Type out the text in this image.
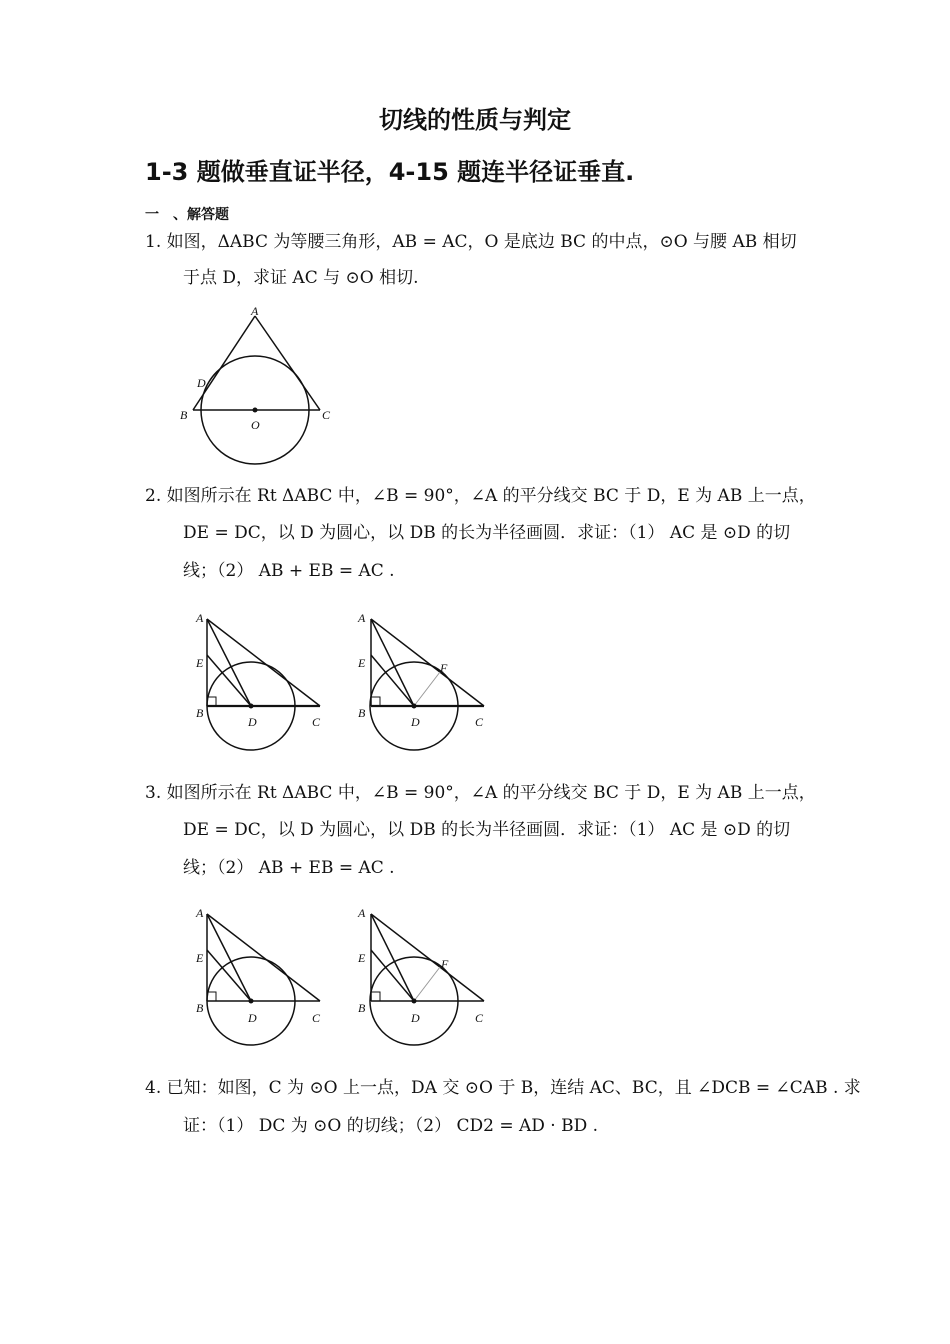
切线的性质与判定
1-3 题做垂直证半径，4-15 题连半径证垂直.
一　、解答题
1. 如图，ΔABC 为等腰三角形，AB = AC，O 是底边 BC 的中点，⊙O 与腰 AB 相切
于点 D，求证 AC 与 ⊙O 相切.
A
D
B	C
O
2. 如图所示在 Rt ΔABC 中，∠B = 90°，∠A 的平分线交 BC 于 D，E 为 AB 上一点，
DE = DC，以 D 为圆心，以 DB 的长为半径画圆．求证：（1） AC 是 ⊙D 的切
线；（2） AB + EB = AC .
A
E
B
D	C
A
E	F
B
D	C
3. 如图所示在 Rt ΔABC 中，∠B = 90°，∠A 的平分线交 BC 于 D，E 为 AB 上一点，
DE = DC，以 D 为圆心，以 DB 的长为半径画圆．求证：（1） AC 是 ⊙D 的切
线；（2） AB + EB = AC .
A
E
B
D	C
A
E	F
B
D	C
4. 已知：如图，C 为 ⊙O 上一点，DA 交 ⊙O 于 B，连结 AC、BC，且 ∠DCB = ∠CAB . 求
证：（1） DC 为 ⊙O 的切线；（2） CD2 = AD · BD .
